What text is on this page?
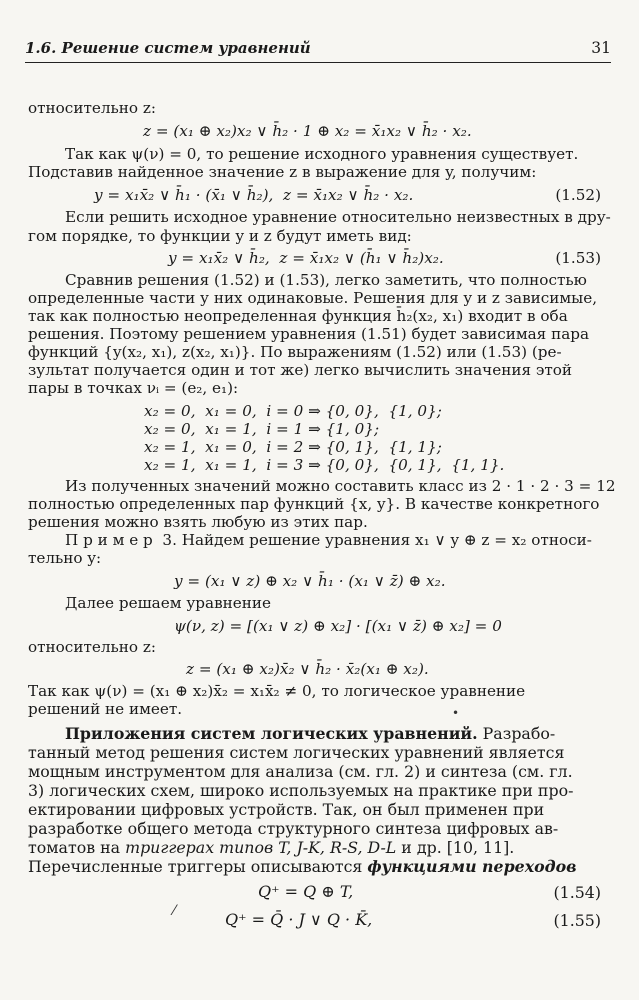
1.6. Решение систем уравнений	31
относительно z:
z = (x₁ ⊕ x₂)x₂ ∨ h̄₂ · 1 ⊕ x₂ = x̄₁x₂ ∨ h̄₂ · x₂.
Так как ψ(ν) = 0, то решение исходного уравнения существует.
Подставив найденное значение z в выражение для y, получим:
y = x₁x̄₂ ∨ h̄₁ · (x̄₁ ∨ h̄₂),  z = x̄₁x₂ ∨ h̄₂ · x₂.	(1.52)
Если решить исходное уравнение относительно неизвестных в дру-
гом порядке, то функции y и z будут иметь вид:
y = x₁x̄₂ ∨ h̄₂,  z = x̄₁x₂ ∨ (h̄₁ ∨ h̄₂)x₂.	(1.53)
Сравнив решения (1.52) и (1.53), легко заметить, что полностью
определенные части у них одинаковые. Решения для y и z зависимые,
так как полностью неопределенная функция h̄₂(x₂, x₁) входит в оба
решения. Поэтому решением уравнения (1.51) будет зависимая пара
функций {y(x₂, x₁), z(x₂, x₁)}. По выражениям (1.52) или (1.53) (ре-
зультат получается один и тот же) легко вычислить значения этой
пары в точках νᵢ = (e₂, e₁):
x₂ = 0,  x₁ = 0,  i = 0 ⇒ {0, 0},  {1, 0};
x₂ = 0,  x₁ = 1,  i = 1 ⇒ {1, 0};
x₂ = 1,  x₁ = 0,  i = 2 ⇒ {0, 1},  {1, 1};
x₂ = 1,  x₁ = 1,  i = 3 ⇒ {0, 0},  {0, 1},  {1, 1}.
Из полученных значений можно составить класс из 2 · 1 · 2 · 3 = 12
полностью определенных пар функций {x, y}. В качестве конкретного
решения можно взять любую из этих пар.
П р и м е р  3. Найдем решение уравнения x₁ ∨ y ⊕ z = x₂ относи-
тельно y:
y = (x₁ ∨ z) ⊕ x₂ ∨ h̄₁ · (x₁ ∨ z̄) ⊕ x₂.
Далее решаем уравнение
ψ(ν, z) = [(x₁ ∨ z) ⊕ x₂] · [(x₁ ∨ z̄) ⊕ x₂] = 0
относительно z:
z = (x₁ ⊕ x₂)x̄₂ ∨ h̄₂ · x̄₂(x₁ ⊕ x₂).
Так как ψ(ν) = (x₁ ⊕ x₂)x̄₂ = x₁x̄₂ ≠ 0, то логическое уравнение
решений не имеет.	•
Приложения систем логических уравнений. Разрабо-
танный метод решения систем логических уравнений является
мощным инструментом для анализа (см. гл. 2) и синтеза (см. гл.
3) логических схем, широко используемых на практике при про-
ектировании цифровых устройств. Так, он был применен при
разработке общего метода структурного синтеза цифровых ав-
томатов на триггерах типов T, J-K, R-S, D-L и др. [10, 11].
Перечисленные триггеры описываются функциями переходов
Q⁺ = Q ⊕ T,	(1.54)
⁄	Q⁺ = Q̄ · J ∨ Q · K̄,	(1.55)
